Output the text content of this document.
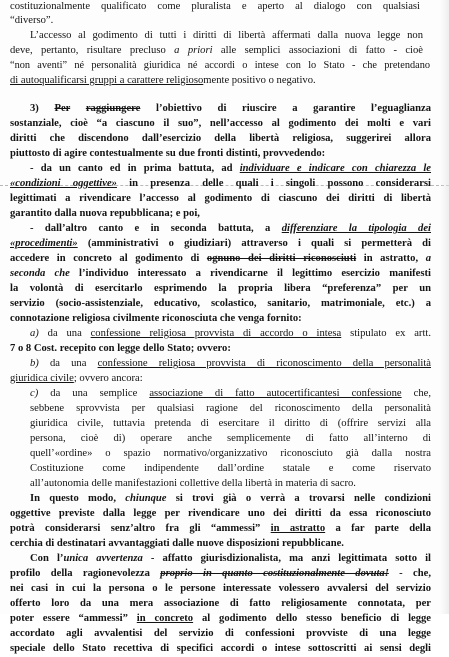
costituzionalmente qualificato come pluralista e aperto al dialogo con qualsiasi
“diverso”.
L’accesso al godimento di tutti i diritti di libertà affermati dalla nuova legge non
deve, pertanto, risultare precluso a priori alle semplici associazioni di fatto - cioè
“non aventi” né personalità giuridica né accordi o intese con lo Stato - che pretendano
di autoqualificarsi gruppi a carattere religiosomente positivo o negativo.
3) Per raggiungere l’obiettivo di riuscire a garantire l’eguaglianza
sostanziale, cioè “a ciascuno il suo”, nell’accesso al godimento dei molti e vari
diritti che discendono dall’esercizio della libertà religiosa, suggerirei allora
piuttosto di agire contestualmente su due fronti distinti, provvedendo:
- da un canto ed in prima battuta, ad individuare e indicare con chiarezza le
«condizioni oggettive» in presenza delle quali i singoli possono considerarsi
legittimati a rivendicare l’accesso al godimento di ciascuno dei diritti di libertà
garantito dalla nuova repubblicana; e poi,
- dall’altro canto e in seconda battuta, a differenziare la tipologia dei
«procedimenti» (amministrativi o giudiziari) attraverso i quali si permetterà di
accedere in concreto al godimento di ognuno dei diritti riconosciuti in astratto, a
seconda che l’individuo interessato a rivendicarne il legittimo esercizio manifesti
la volontà di esercitarlo esprimendo la propria libera “preferenza” per un
servizio (socio-assistenziale, educativo, scolastico, sanitario, matrimoniale, etc.) a
connotazione religiosa civilmente riconosciuta che venga fornito:
a) da una confessione religiosa provvista di accordo o intesa stipulato ex artt.
7 o 8 Cost. recepito con legge dello Stato; ovvero:
b) da una confessione religiosa provvista di riconoscimento della personalità
giuridica civile; ovvero ancora:
c) da una semplice associazione di fatto autocertificantesi confessione che,
sebbene sprovvista per qualsiasi ragione del riconoscimento della personalità
giuridica civile, tuttavia pretenda di esercitare il diritto di (offrire servizi alla
persona, cioè di) operare anche semplicemente di fatto all’interno di
quell’«ordine» o spazio normativo/organizzativo riconosciuto già dalla nostra
Costituzione come indipendente dall’ordine statale e come riservato
all’autonomia delle manifestazioni collettive della libertà in materia di sacro.
In questo modo, chiunque si trovi già o verrà a trovarsi nelle condizioni
oggettive previste dalla legge per rivendicare uno dei diritti da essa riconosciuto
potrà considerarsi senz’altro fra gli “ammessi” in astratto a far parte della
cerchia di destinatari avvantaggiati dalle nuove disposizioni repubblicane.
Con l’unica avvertenza - affatto giurisdizionalista, ma anzi legittimata sotto il
profilo della ragionevolezza proprio in quanto costituzionalmente dovuta! - che,
nei casi in cui la persona o le persone interessate volessero avvalersi del servizio
offerto loro da una mera associazione di fatto religiosamente connotata, per
poter essere “ammessi” in concreto al godimento dello stesso beneficio di legge
accordato agli avvalentisi del servizio di confessioni provviste di una legge
speciale dello Stato recettiva di specifici accordi o intese sottoscritti ai sensi degli
